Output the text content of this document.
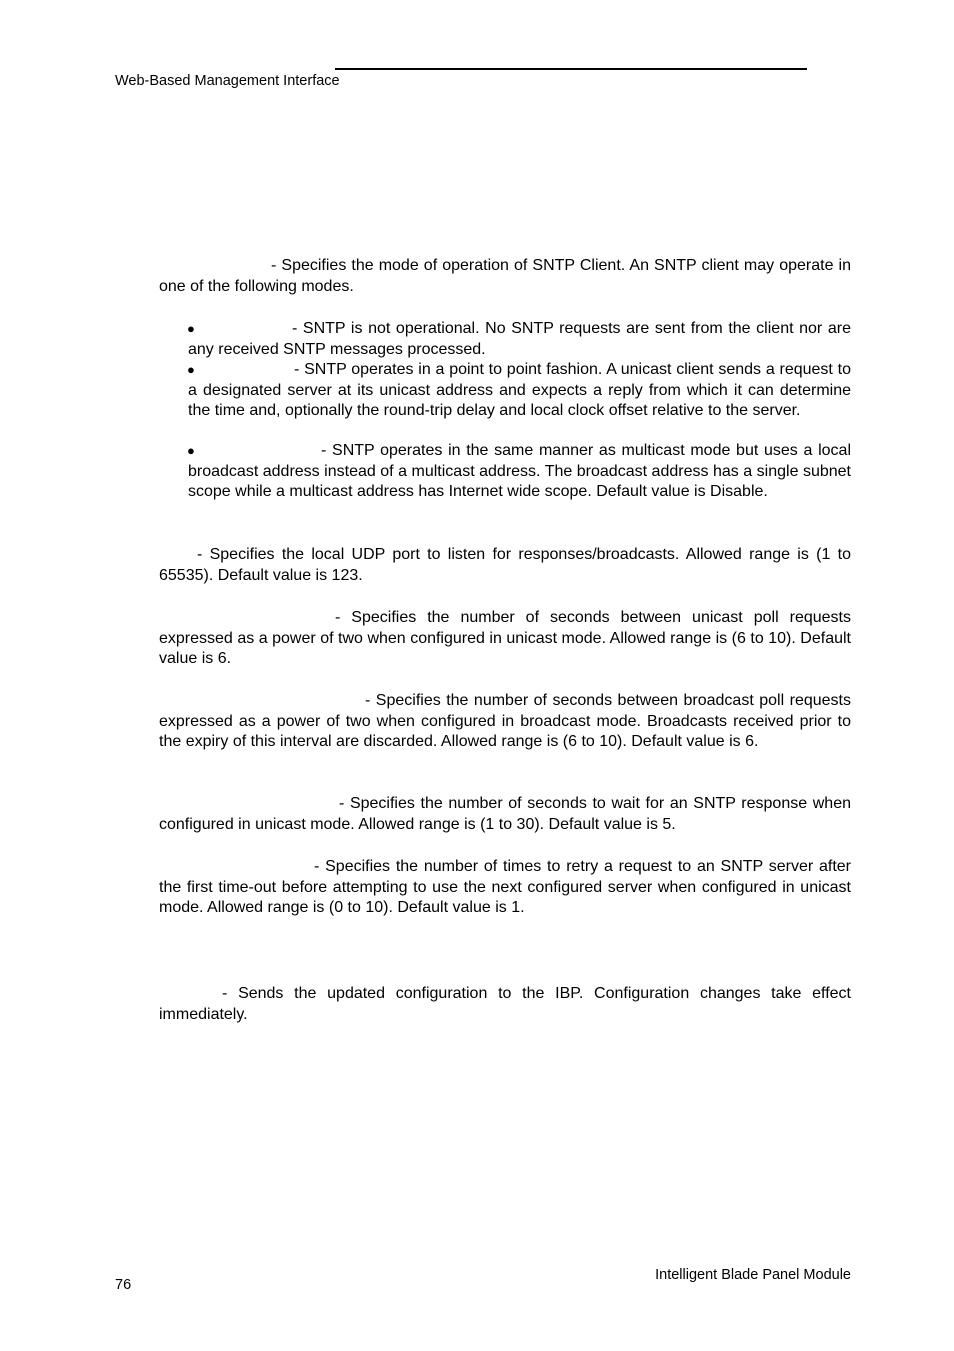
Web-Based Management Interface

- Specifies the mode of operation of SNTP Client. An SNTP client may operate in one of the following modes.

●	- SNTP is not operational. No SNTP requests are sent from the client nor are any received SNTP messages processed.

●	- SNTP operates in a point to point fashion. A unicast client sends a request to a designated server at its unicast address and expects a reply from which it can determine the time and, optionally the round-trip delay and local clock offset relative to the server.

●	- SNTP operates in the same manner as multicast mode but uses a local broadcast address instead of a multicast address. The broadcast address has a single subnet scope while a multicast address has Internet wide scope. Default value is Disable.

- Specifies the local UDP port to listen for responses/broadcasts. Allowed range is (1 to 65535). Default value is 123.

- Specifies the number of seconds between unicast poll requests expressed as a power of two when configured in unicast mode. Allowed range is (6 to 10). Default value is 6.

- Specifies the number of seconds between broadcast poll requests expressed as a power of two when configured in broadcast mode. Broadcasts received prior to the expiry of this interval are discarded. Allowed range is (6 to 10). Default value is 6.

- Specifies the number of seconds to wait for an SNTP response when configured in unicast mode. Allowed range is (1 to 30). Default value is 5.

- Specifies the number of times to retry a request to an SNTP server after the first time-out before attempting to use the next configured server when configured in unicast mode. Allowed range is (0 to 10). Default value is 1.

- Sends the updated configuration to the IBP. Configuration changes take effect immediately.

76
Intelligent Blade Panel Module
